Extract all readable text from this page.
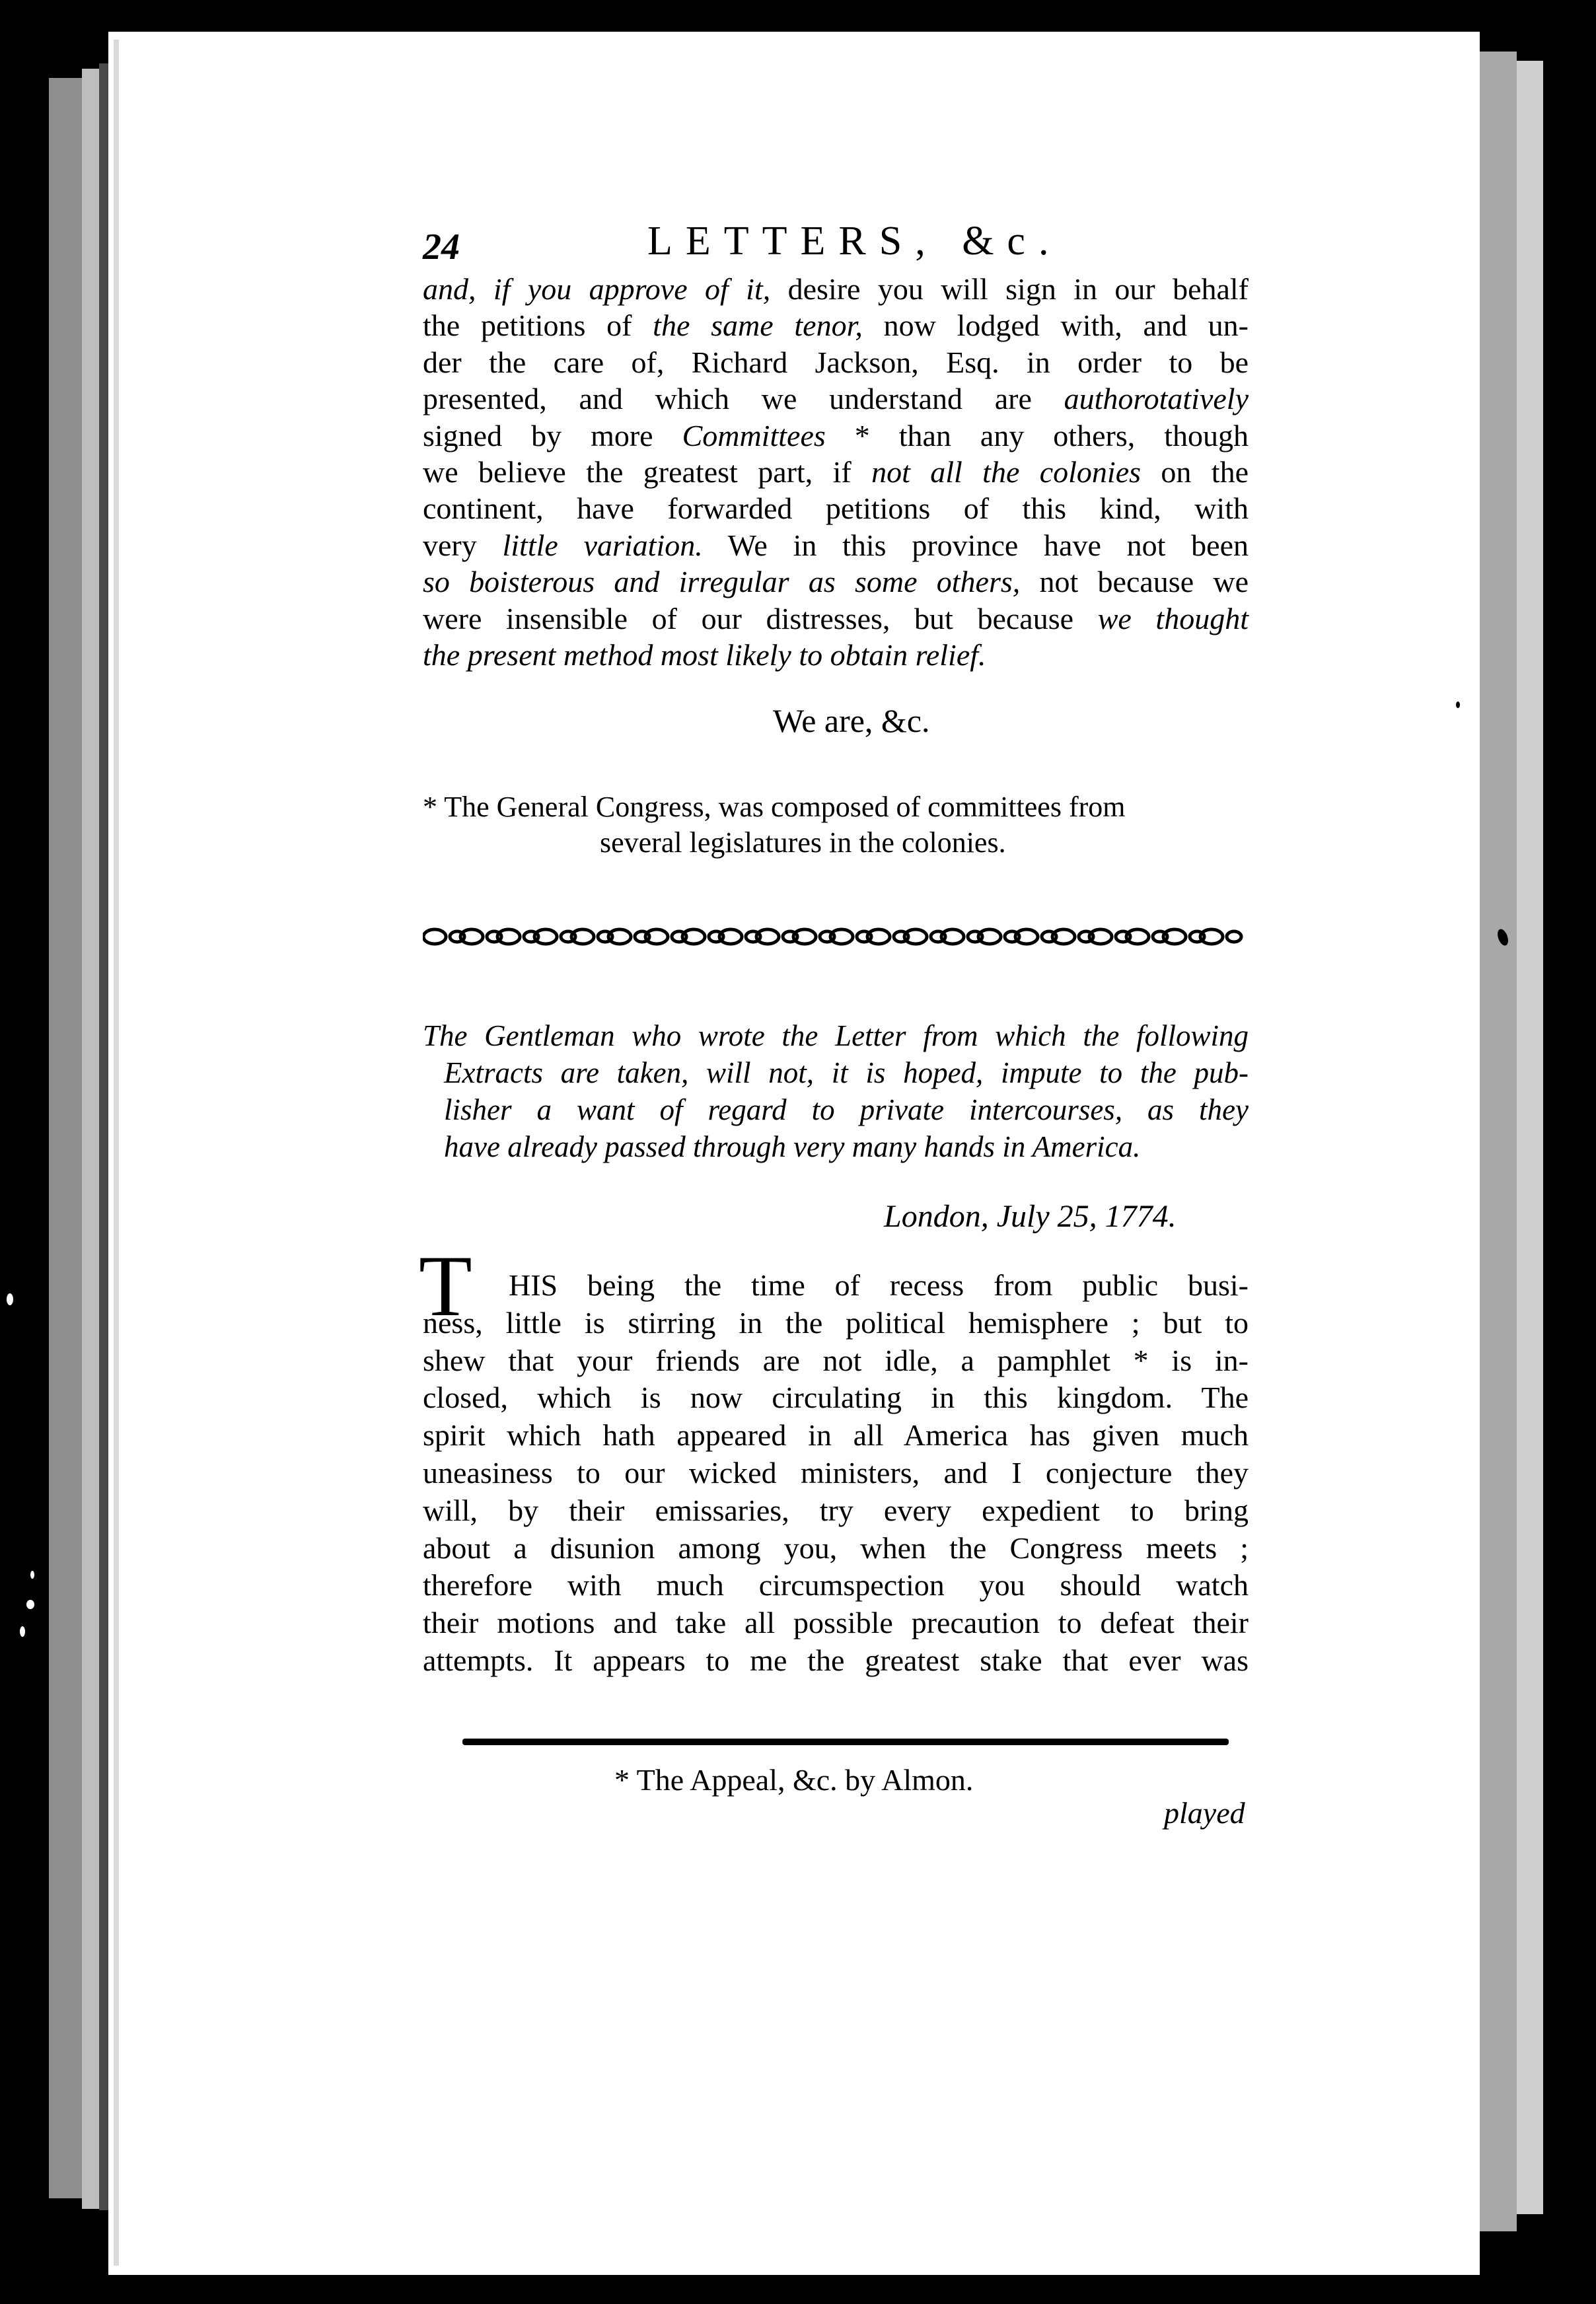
24	LETTERS, &c.
and, if you approve of it, desire you will sign in our behalf
the petitions of the same tenor, now lodged with, and un-
der the care of, Richard Jackson, Esq. in order to be
presented, and which we understand are authorotatively
signed by more Committees * than any others, though
we believe the greatest part, if not all the colonies on the
continent, have forwarded petitions of this kind, with
very little variation. We in this province have not been
so boisterous and irregular as some others, not because we
were insensible of our distresses, but because we thought
the present method most likely to obtain relief.
We are, &c.
* The General Congress, was composed of committees from
several legislatures in the colonies.
The Gentleman who wrote the Letter from which the following
Extracts are taken, will not, it is hoped, impute to the pub-
lisher a want of regard to private intercourses, as they
have already passed through very many hands in America.
London, July 25, 1774.
T	HIS being the time of recess from public busi-
ness, little is stirring in the political hemisphere ; but to
shew that your friends are not idle, a pamphlet * is in-
closed, which is now circulating in this kingdom. The
spirit which hath appeared in all America has given much
uneasiness to our wicked ministers, and I conjecture they
will, by their emissaries, try every expedient to bring
about a disunion among you, when the Congress meets ;
therefore with much circumspection you should watch
their motions and take all possible precaution to defeat their
attempts. It appears to me the greatest stake that ever was
* The Appeal, &c. by Almon.
played
